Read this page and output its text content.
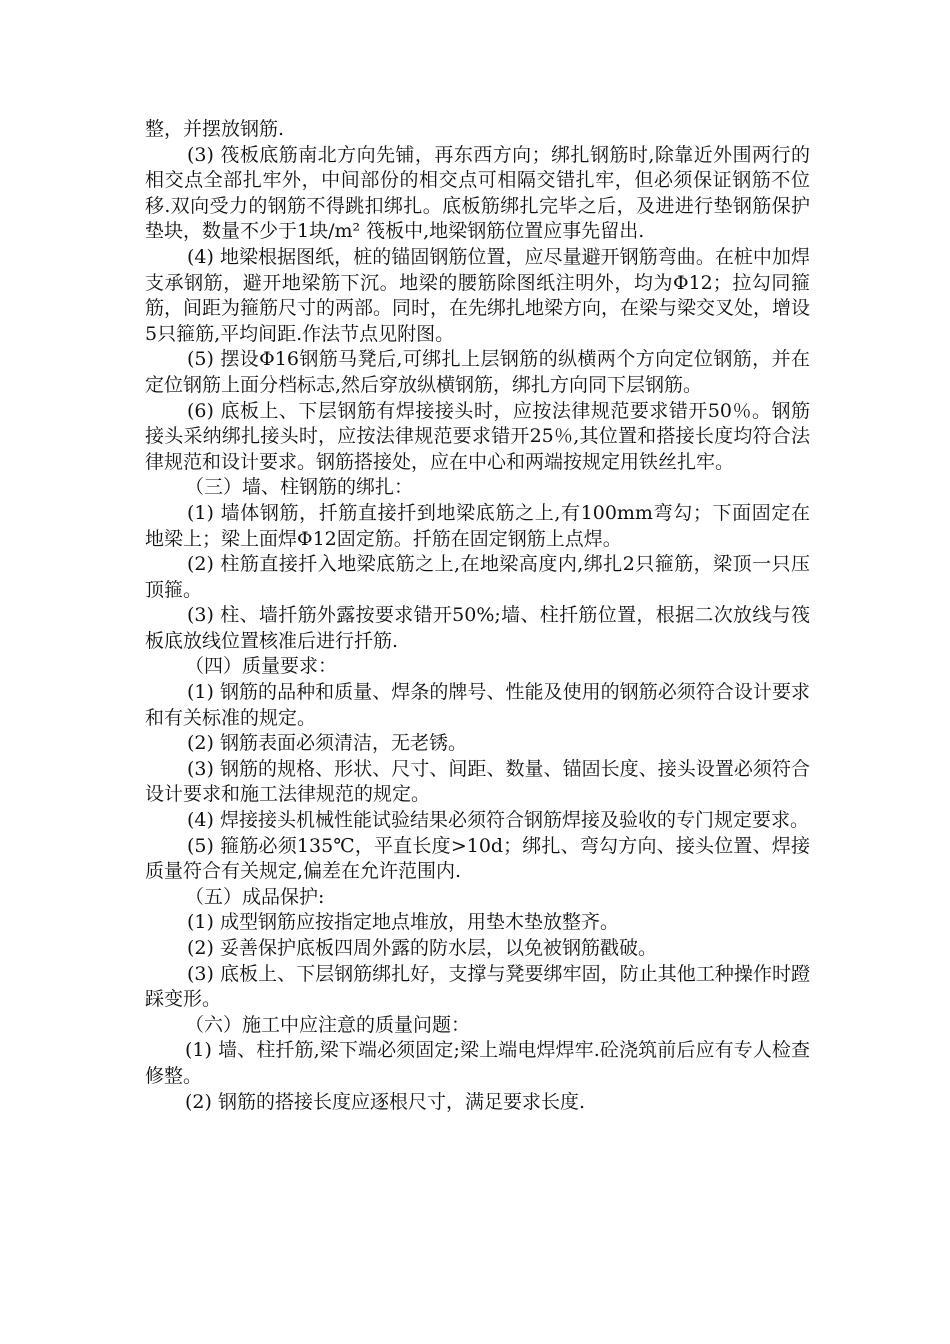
整，并摆放钢筋.

(3) 筏板底筋南北方向先铺，再东西方向；绑扎钢筋时,除靠近外围两行的相交点全部扎牢外，中间部份的相交点可相隔交错扎牢，但必须保证钢筋不位移.双向受力的钢筋不得跳扣绑扎。底板筋绑扎完毕之后，及进进行垫钢筋保护垫块，数量不少于1块/m² 筏板中,地梁钢筋位置应事先留出.

(4) 地梁根据图纸，桩的锚固钢筋位置，应尽量避开钢筋弯曲。在桩中加焊支承钢筋，避开地梁筋下沉。地梁的腰筋除图纸注明外，均为Φ12；拉勾同箍筋，间距为箍筋尺寸的两部。同时，在先绑扎地梁方向，在梁与梁交叉处，增设5只箍筋,平均间距.作法节点见附图。

(5) 摆设Φ16钢筋马凳后,可绑扎上层钢筋的纵横两个方向定位钢筋，并在定位钢筋上面分档标志,然后穿放纵横钢筋，绑扎方向同下层钢筋。

(6) 底板上、下层钢筋有焊接接头时，应按法律规范要求错开50％。钢筋接头采纳绑扎接头时，应按法律规范要求错开25％,其位置和搭接长度均符合法律规范和设计要求。钢筋搭接处，应在中心和两端按规定用铁丝扎牢。

（三）墙、柱钢筋的绑扎：

(1) 墙体钢筋，扦筋直接扦到地梁底筋之上,有100mm弯勾；下面固定在地梁上；梁上面焊Φ12固定筋。扦筋在固定钢筋上点焊。

(2) 柱筋直接扦入地梁底筋之上,在地梁高度内,绑扎2只箍筋，梁顶一只压顶箍。

(3) 柱、墙扦筋外露按要求错开50%;墙、柱扦筋位置，根据二次放线与筏板底放线位置核准后进行扦筋.

（四）质量要求：

(1) 钢筋的品种和质量、焊条的牌号、性能及使用的钢筋必须符合设计要求和有关标准的规定。

(2) 钢筋表面必须清洁，无老锈。

(3) 钢筋的规格、形状、尺寸、间距、数量、锚固长度、接头设置必须符合设计要求和施工法律规范的规定。

(4) 焊接接头机械性能试验结果必须符合钢筋焊接及验收的专门规定要求。

(5) 箍筋必须135℃，平直长度>10d；绑扎、弯勾方向、接头位置、焊接质量符合有关规定,偏差在允许范围内.

（五）成品保护:

(1) 成型钢筋应按指定地点堆放，用垫木垫放整齐。

(2) 妥善保护底板四周外露的防水层，以免被钢筋戳破。

(3) 底板上、下层钢筋绑扎好，支撑与凳要绑牢固，防止其他工种操作时蹬踩变形。

（六）施工中应注意的质量问题：

(1) 墙、柱扦筋,梁下端必须固定;梁上端电焊焊牢.砼浇筑前后应有专人检查修整。

(2) 钢筋的搭接长度应逐根尺寸，满足要求长度.
